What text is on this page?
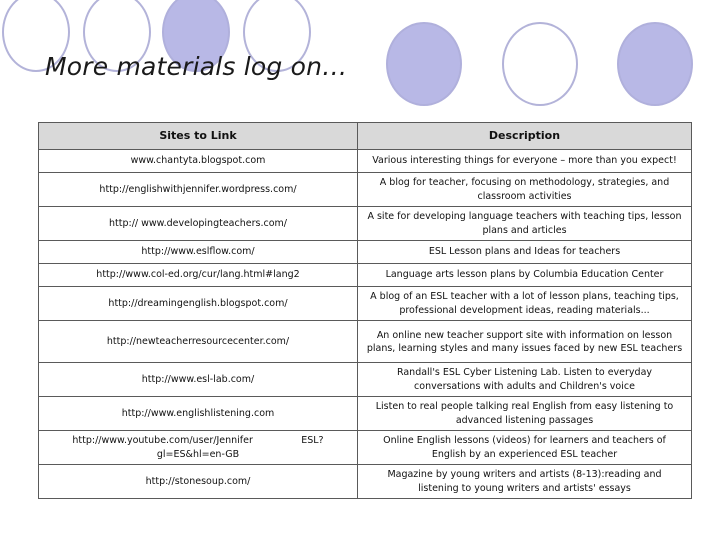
More materials log on…
Sites to Link	Description
www.chantyta.blogspot.com	Various interesting things for everyone – more than you expect!
http://englishwithjennifer.wordpress.com/	A blog for teacher, focusing on methodology, strategies, and classroom activities
http:// www.developingteachers.com/	A site for developing language teachers with teaching tips, lesson plans and articles
http://www.eslflow.com/	ESL Lesson plans and Ideas for teachers
http://www.col-ed.org/cur/lang.html#lang2	Language arts lesson plans by Columbia Education Center
http://dreamingenglish.blogspot.com/	A blog of an ESL teacher with a lot of lesson plans, teaching tips, professional development ideas, reading materials...
http://newteacherresourcecenter.com/	An online new teacher support site with information on lesson plans, learning styles and many issues faced by new ESL teachers
http://www.esl-lab.com/	Randall's ESL Cyber Listening Lab. Listen to everyday conversations with adults and Children's voice
http://www.englishlistening.com	Listen to real people talking real English from easy listening to advanced listening passages
http://www.youtube.com/user/Jennifer                ESL?gl=ES&hl=en-GB	Online English lessons (videos) for learners and teachers of English by an experienced ESL teacher
http://stonesoup.com/	Magazine by young writers and artists (8-13):reading and listening to young writers and artists' essays
